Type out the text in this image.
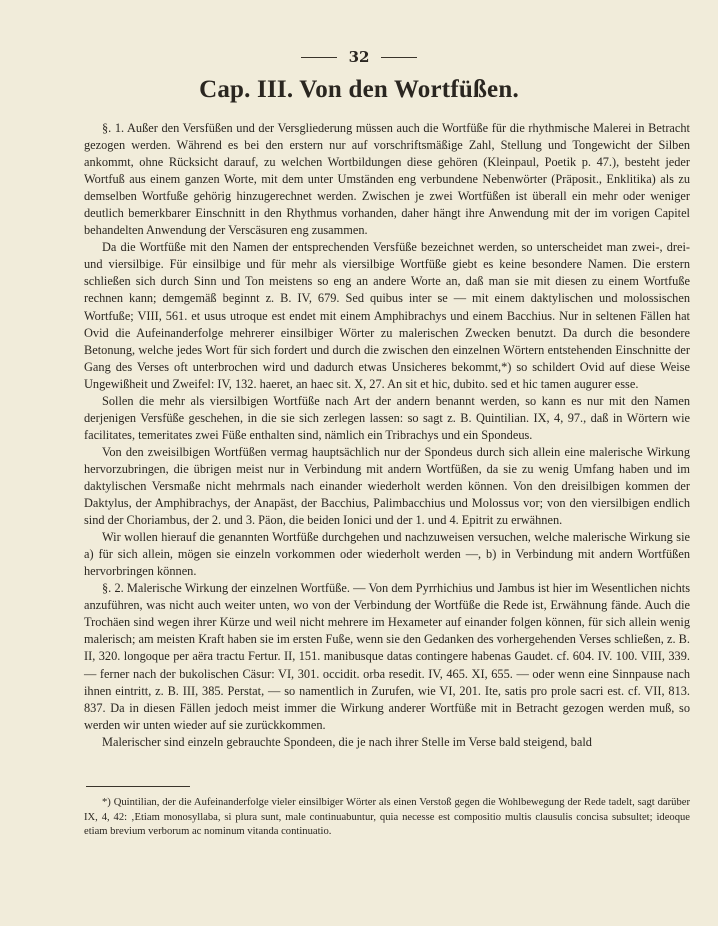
32
Cap. III. Von den Wortfüßen.

§. 1. Außer den Versfüßen und der Versgliederung müssen auch die Wortfüße für die rhythmische Malerei in Betracht gezogen werden. Während es bei den erstern nur auf vorschriftsmäßige Zahl, Stellung und Tongewicht der Silben ankommt, ohne Rücksicht darauf, zu welchen Wortbildungen diese gehören (Kleinpaul, Poetik p. 47.), besteht jeder Wortfuß aus einem ganzen Worte, mit dem unter Umständen eng verbundene Nebenwörter (Präposit., Enklitika) als zu demselben Wortfuße gehörig hinzugerechnet werden. Zwischen je zwei Wortfüßen ist überall ein mehr oder weniger deutlich bemerkbarer Einschnitt in den Rhythmus vorhanden, daher hängt ihre Anwendung mit der im vorigen Capitel behandelten Anwendung der Verscäsuren eng zusammen.

Da die Wortfüße mit den Namen der entsprechenden Versfüße bezeichnet werden, so unterscheidet man zwei-, drei- und viersilbige. Für einsilbige und für mehr als viersilbige Wortfüße giebt es keine besondere Namen. Die erstern schließen sich durch Sinn und Ton meistens so eng an andere Worte an, daß man sie mit diesen zu einem Wortfuße rechnen kann; demgemäß beginnt z. B. IV, 679. Sed quibus inter se — mit einem daktylischen und molossischen Wortfuße; VIII, 561. et usus utroque est endet mit einem Amphibrachys und einem Bacchius. Nur in seltenen Fällen hat Ovid die Aufeinanderfolge mehrerer einsilbiger Wörter zu malerischen Zwecken benutzt. Da durch die besondere Betonung, welche jedes Wort für sich fordert und durch die zwischen den einzelnen Wörtern entstehenden Einschnitte der Gang des Verses oft unterbrochen wird und dadurch etwas Unsicheres bekommt,*) so schildert Ovid auf diese Weise Ungewißheit und Zweifel: IV, 132. haeret, an haec sit. X, 27. An sit et hic, dubito. sed et hic tamen augurer esse.

Sollen die mehr als viersilbigen Wortfüße nach Art der andern benannt werden, so kann es nur mit den Namen derjenigen Versfüße geschehen, in die sie sich zerlegen lassen: so sagt z. B. Quintilian. IX, 4, 97., daß in Wörtern wie facilitates, temeritates zwei Füße enthalten sind, nämlich ein Tribrachys und ein Spondeus.

Von den zweisilbigen Wortfüßen vermag hauptsächlich nur der Spondeus durch sich allein eine malerische Wirkung hervorzubringen, die übrigen meist nur in Verbindung mit andern Wortfüßen, da sie zu wenig Umfang haben und im daktylischen Versmaße nicht mehrmals nach einander wiederholt werden können. Von den dreisilbigen kommen der Daktylus, der Amphibrachys, der Anapäst, der Bacchius, Palimbacchius und Molossus vor; von den viersilbigen endlich sind der Choriambus, der 2. und 3. Päon, die beiden Ionici und der 1. und 4. Epitrit zu erwähnen.

Wir wollen hierauf die genannten Wortfüße durchgehen und nachzuweisen versuchen, welche malerische Wirkung sie a) für sich allein, mögen sie einzeln vorkommen oder wiederholt werden —, b) in Verbindung mit andern Wortfüßen hervorbringen können.

§. 2. Malerische Wirkung der einzelnen Wortfüße. — Von dem Pyrrhichius und Jambus ist hier im Wesentlichen nichts anzuführen, was nicht auch weiter unten, wo von der Verbindung der Wortfüße die Rede ist, Erwähnung fände. Auch die Trochäen sind wegen ihrer Kürze und weil nicht mehrere im Hexameter auf einander folgen können, für sich allein wenig malerisch; am meisten Kraft haben sie im ersten Fuße, wenn sie den Gedanken des vorhergehenden Verses schließen, z. B. II, 320. longoque per aëra tractu Fertur. II, 151. manibusque datas contingere habenas Gaudet. cf. 604. IV. 100. VIII, 339. — ferner nach der bukolischen Cäsur: VI, 301. occidit. orba resedit. IV, 465. XI, 655. — oder wenn eine Sinnpause nach ihnen eintritt, z. B. III, 385. Perstat, — so namentlich in Zurufen, wie VI, 201. Ite, satis pro prole sacri est. cf. VII, 813. 837. Da in diesen Fällen jedoch meist immer die Wirkung anderer Wortfüße mit in Betracht gezogen werden muß, so werden wir unten wieder auf sie zurückkommen.

Malerischer sind einzeln gebrauchte Spondeen, die je nach ihrer Stelle im Verse bald steigend, bald

*) Quintilian, der die Aufeinanderfolge vieler einsilbiger Wörter als einen Verstoß gegen die Wohlbewegung der Rede tadelt, sagt darüber IX, 4, 42: ‚Etiam monosyllaba, si plura sunt, male continuabuntur, quia necesse est compositio multis clausulis concisa subsultet; ideoque etiam brevium verborum ac nominum vitanda continuatio.
